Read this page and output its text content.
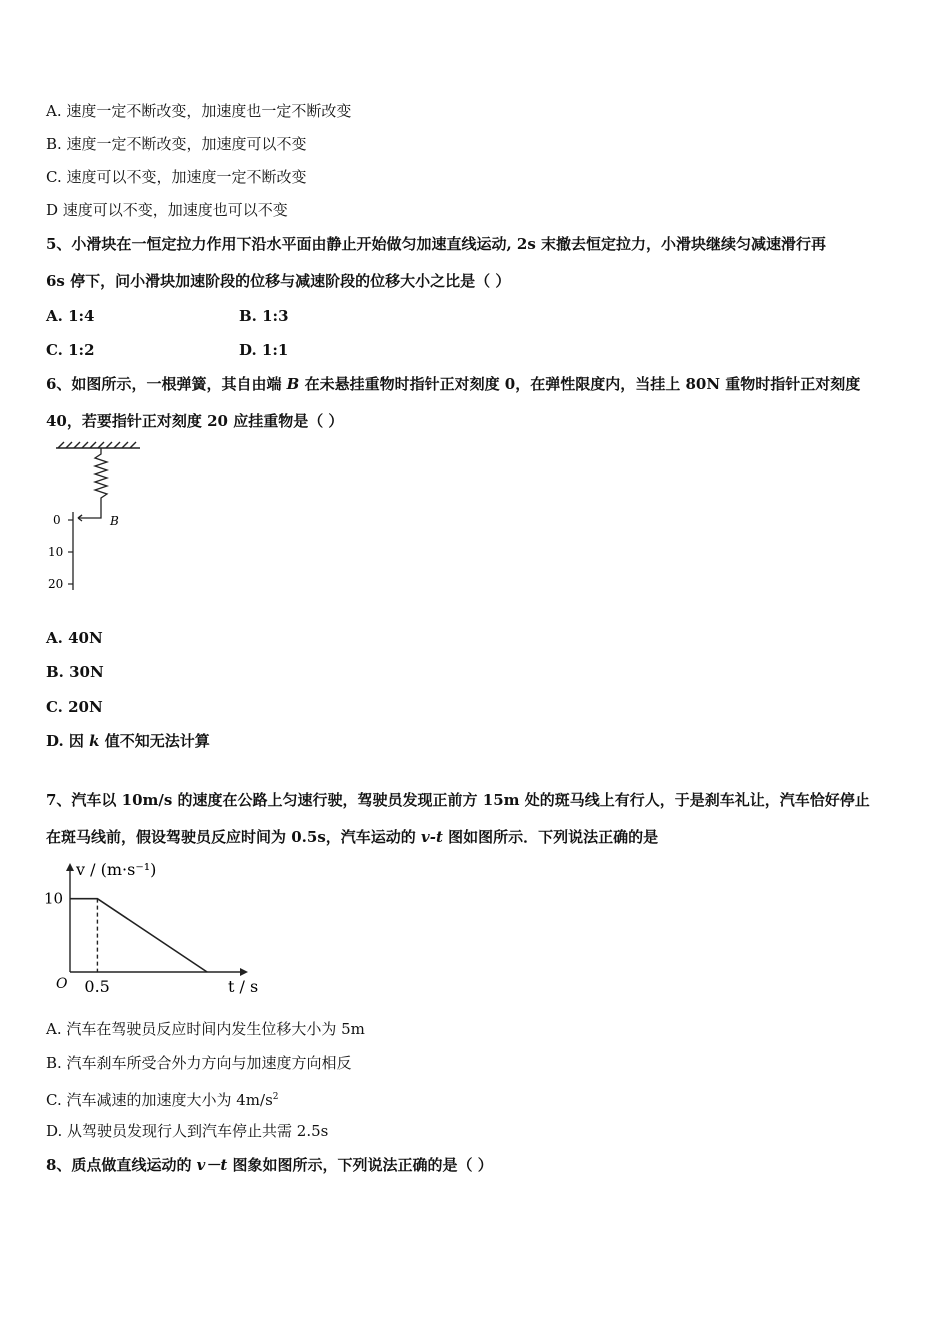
A. 速度一定不断改变，加速度也一定不断改变
B. 速度一定不断改变，加速度可以不变
C. 速度可以不变，加速度一定不断改变
D 速度可以不变，加速度也可以不变
5、小滑块在一恒定拉力作用下沿水平面由静止开始做匀加速直线运动, 2s 末撤去恒定拉力，小滑块继续匀减速滑行再
6s 停下，问小滑块加速阶段的位移与减速阶段的位移大小之比是（ ）
A. 1:4	B. 1:3
C. 1:2	D. 1:1
6、如图所示，一根弹簧，其自由端 B 在未悬挂重物时指针正对刻度 0，在弹性限度内，当挂上 80N 重物时指针正对刻度
40，若要指针正对刻度 20 应挂重物是（ ）
B
0
10
20
A. 40N
B. 30N
C. 20N
D. 因 k 值不知无法计算
7、汽车以 10m/s 的速度在公路上匀速行驶，驾驶员发现正前方 15m 处的斑马线上有行人，于是刹车礼让，汽车恰好停止
在斑马线前，假设驾驶员反应时间为 0.5s，汽车运动的 v-t 图如图所示．下列说法正确的是
10
0.5
O	t / s
v / (m·s⁻¹)
A. 汽车在驾驶员反应时间内发生位移大小为 5m
B. 汽车刹车所受合外力方向与加速度方向相反
C. 汽车减速的加速度大小为 $4m/s^2$
D. 从驾驶员发现行人到汽车停止共需 2.5s
8、质点做直线运动的 v－t 图象如图所示，下列说法正确的是（ ）
